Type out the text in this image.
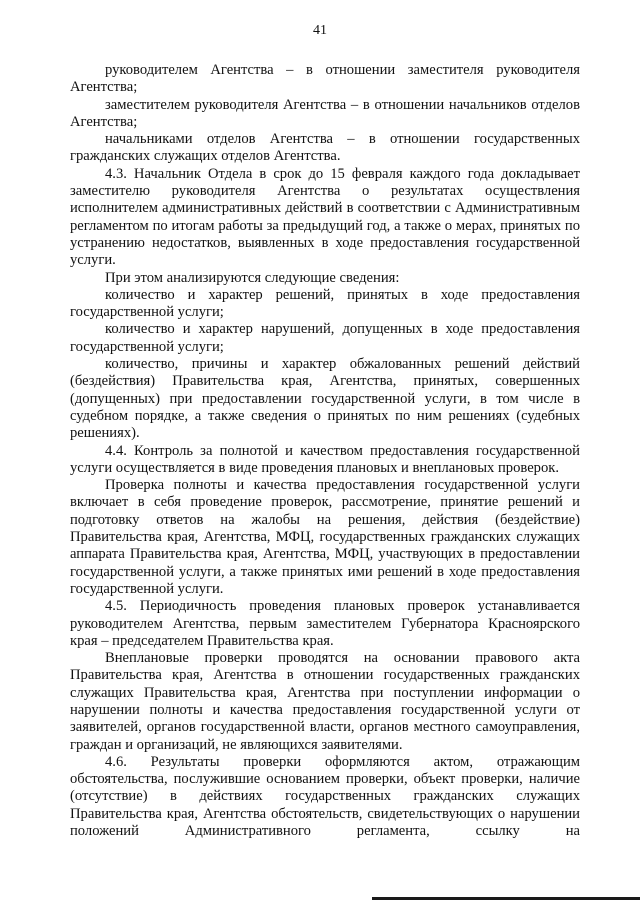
41

руководителем Агентства – в отношении заместителя руководителя Агентства;

заместителем руководителя Агентства – в отношении начальников отделов Агентства;

начальниками отделов Агентства – в отношении государственных гражданских служащих отделов Агентства.

4.3. Начальник Отдела в срок до 15 февраля каждого года докладывает заместителю руководителя Агентства о результатах осуществления исполнителем административных действий в соответствии с Административным регламентом по итогам работы за предыдущий год, а также о мерах, принятых по устранению недостатков, выявленных в ходе предоставления государственной услуги.

При этом анализируются следующие сведения:

количество и характер решений, принятых в ходе предоставления государственной услуги;

количество и характер нарушений, допущенных в ходе предоставления государственной услуги;

количество, причины и характер обжалованных решений действий (бездействия) Правительства края, Агентства, принятых, совершенных (допущенных) при предоставлении государственной услуги, в том числе в судебном порядке, а также сведения о принятых по ним решениях (судебных решениях).

4.4. Контроль за полнотой и качеством предоставления государственной услуги осуществляется в виде проведения плановых и внеплановых проверок.

Проверка полноты и качества предоставления государственной услуги включает в себя проведение проверок, рассмотрение, принятие решений и подготовку ответов на жалобы на решения, действия (бездействие) Правительства края, Агентства, МФЦ, государственных гражданских служащих аппарата Правительства края, Агентства, МФЦ, участвующих в предоставлении государственной услуги, а также принятых ими решений в ходе предоставления государственной услуги.

4.5. Периодичность проведения плановых проверок устанавливается руководителем Агентства, первым заместителем Губернатора Красноярского края – председателем Правительства края.

Внеплановые проверки проводятся на основании правового акта Правительства края, Агентства в отношении государственных гражданских служащих Правительства края, Агентства при поступлении информации о нарушении полноты и качества предоставления государственной услуги от заявителей, органов государственной власти, органов местного самоуправления, граждан и организаций, не являющихся заявителями.

4.6. Результаты проверки оформляются актом, отражающим обстоятельства, послужившие основанием проверки, объект проверки, наличие (отсутствие) в действиях государственных гражданских служащих Правительства края, Агентства обстоятельств, свидетельствующих о нарушении положений Административного регламента, ссылку на
